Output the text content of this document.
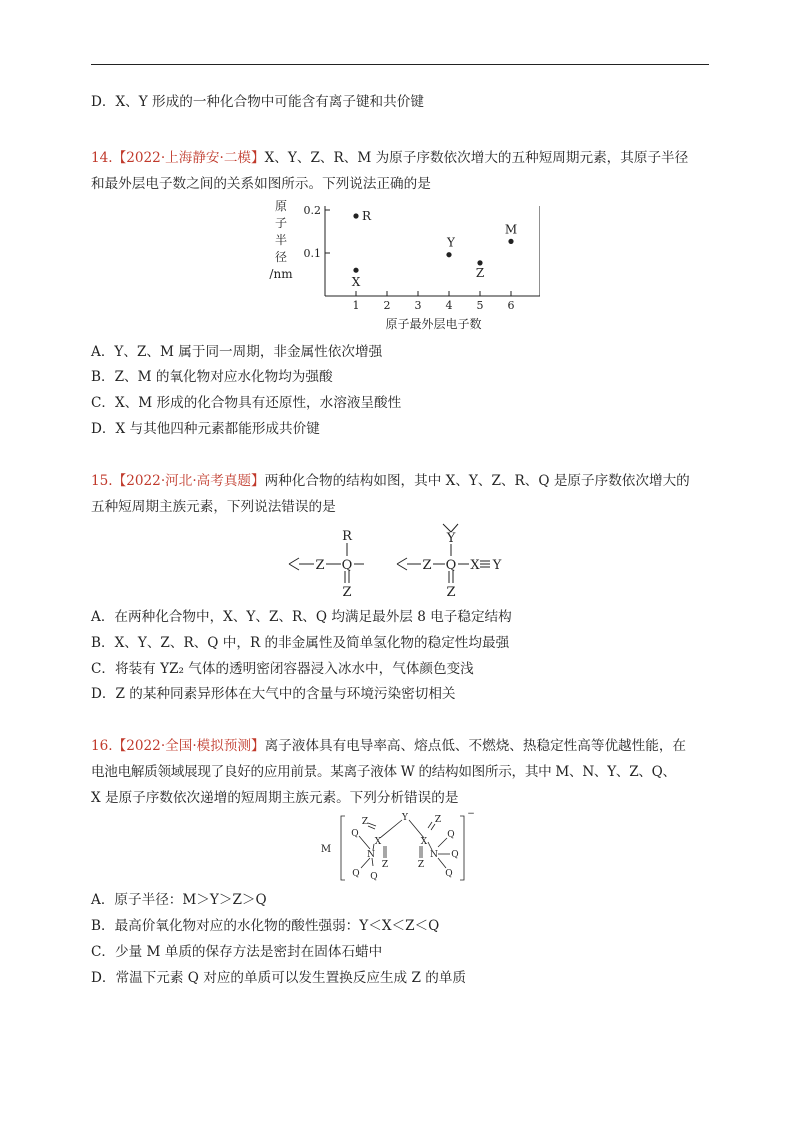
D．X、Y 形成的一种化合物中可能含有离子键和共价键
14.【2022·上海静安·二模】X、Y、Z、R、M 为原子序数依次增大的五种短周期元素，其原子半径
和最外层电子数之间的关系如图所示。下列说法正确的是
0.2
0.1
1 2 3 4 5 6
原
子
半
径
/nm
原子最外层电子数
R
X
Y
Z
M
A．Y、Z、M 属于同一周期，非金属性依次增强
B．Z、M 的氧化物对应水化物均为强酸
C．X、M 形成的化合物具有还原性，水溶液呈酸性
D．X 与其他四种元素都能形成共价键
15.【2022·河北·高考真题】两种化合物的结构如图，其中 X、Y、Z、R、Q 是原子序数依次增大的
五种短周期主族元素，下列说法错误的是
Z Q
R
Z
Z Q
Y
Z
X Y
A．在两种化合物中，X、Y、Z、R、Q 均满足最外层 8 电子稳定结构
B．X、Y、Z、R、Q 中，R 的非金属性及简单氢化物的稳定性均最强
C．将装有 YZ₂ 气体的透明密闭容器浸入冰水中，气体颜色变浅
D．Z 的某种同素异形体在大气中的含量与环境污染密切相关
16.【2022·全国·模拟预测】离子液体具有电导率高、熔点低、不燃烧、热稳定性高等优越性能，在
电池电解质领域展现了良好的应用前景。某离子液体 W 的结构如图所示，其中 M、N、Y、Z、Q、
X 是原子序数依次递增的短周期主族元素。下列分析错误的是
M
Y
X	X
Z	Z
Z	Z
N	N
Q
Q Q
Q
Q
Q
−
A．原子半径：M＞Y＞Z＞Q
B．最高价氧化物对应的水化物的酸性强弱：Y＜X＜Z＜Q
C．少量 M 单质的保存方法是密封在固体石蜡中
D．常温下元素 Q 对应的单质可以发生置换反应生成 Z 的单质
